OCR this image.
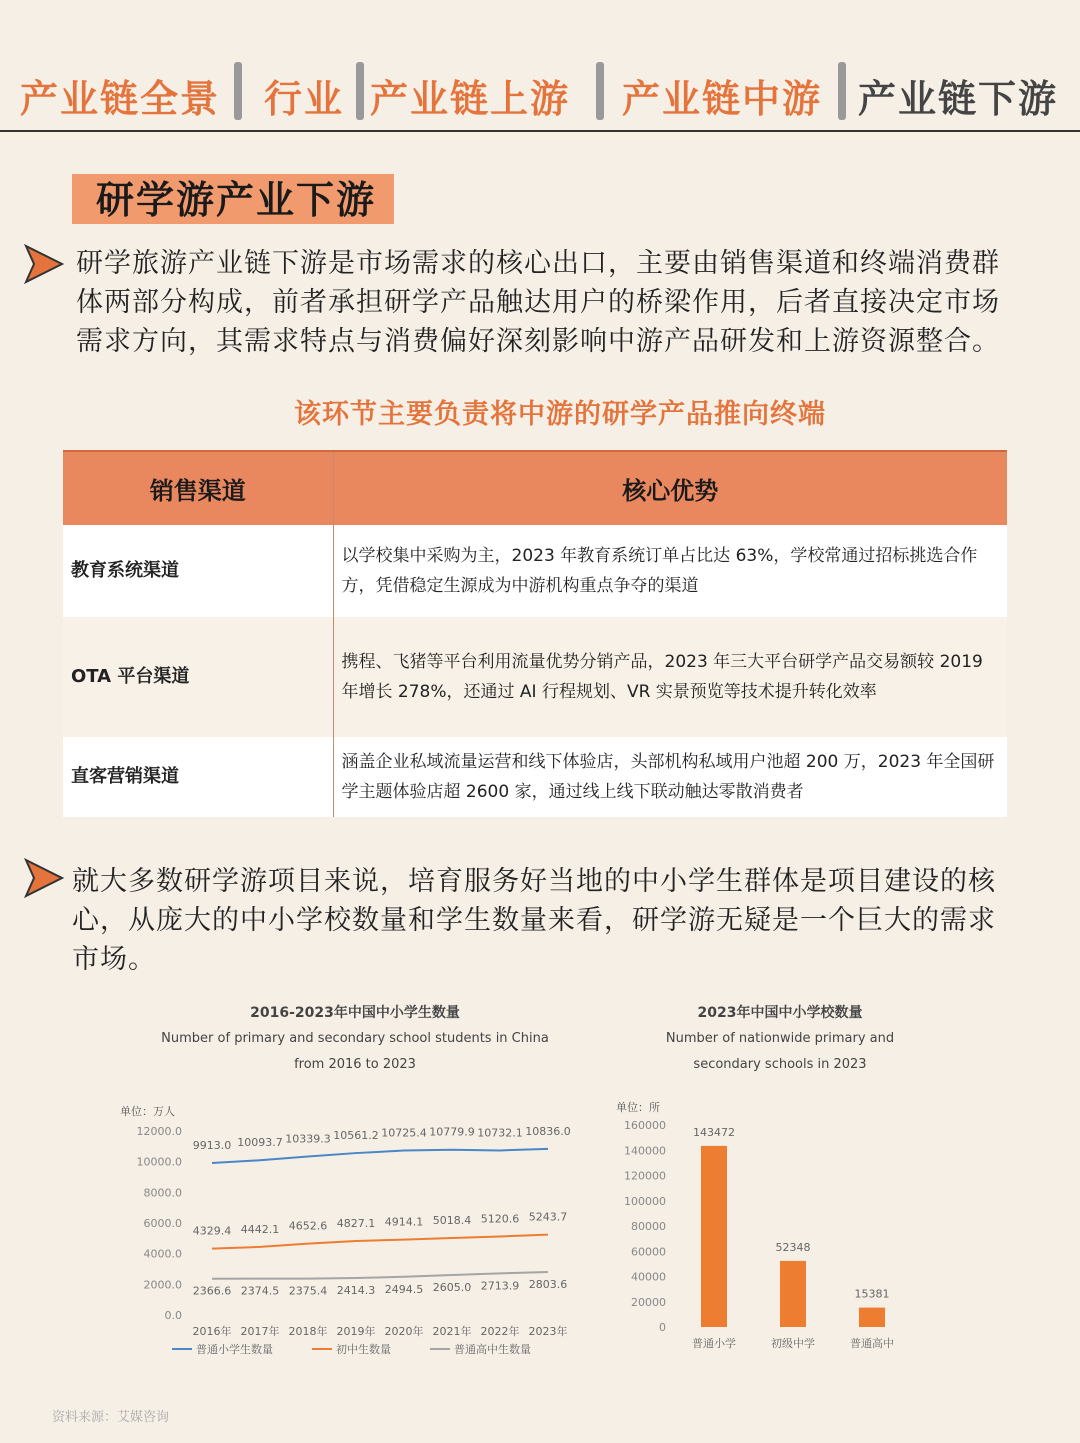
产业链全景 行业 产业链上游 产业链中游 产业链下游
研学游产业下游
研学旅游产业链下游是市场需求的核心出口，主要由销售渠道和终端消费群体两部分构成，前者承担研学产品触达用户的桥梁作用，后者直接决定市场需求方向，其需求特点与消费偏好深刻影响中游产品研发和上游资源整合。
该环节主要负责将中游的研学产品推向终端
销售渠道	核心优势
教育系统渠道	以学校集中采购为主，2023 年教育系统订单占比达 63%，学校常通过招标挑选合作方，凭借稳定生源成为中游机构重点争夺的渠道
OTA 平台渠道	携程、飞猪等平台利用流量优势分销产品，2023 年三大平台研学产品交易额较 2019 年增长 278%，还通过 AI 行程规划、VR 实景预览等技术提升转化效率
直客营销渠道	涵盖企业私域流量运营和线下体验店，头部机构私域用户池超 200 万，2023 年全国研学主题体验店超 2600 家，通过线上线下联动触达零散消费者
就大多数研学游项目来说，培育服务好当地的中小学生群体是项目建设的核心，从庞大的中小学校数量和学生数量来看，研学游无疑是一个巨大的需求市场。
2016-2023年中国中小学生数量
Number of primary and secondary school students in China from 2016 to 2023
2023年中国中小学校数量
Number of nationwide primary and secondary schools in 2023
单位：万人
0.0
2000.0
4000.0
6000.0
8000.0
10000.0
12000.0
2016年 2017年 2018年 2019年 2020年 2021年 2022年 2023年
9913.0 10093.7 10339.3 10561.2 10725.4 10779.9 10732.1 10836.0
4329.4 4442.1 4652.6 4827.1 4914.1 5018.4 5120.6 5243.7
2366.6 2374.5 2375.4 2414.3 2494.5 2605.0 2713.9 2803.6
普通小学生数量	初中生数量	普通高中生数量
单位：所
0
20000
40000
60000
80000
100000
120000
140000
160000
143472
普通小学
52348
初级中学
15381
普通高中
资料来源：艾媒咨询
